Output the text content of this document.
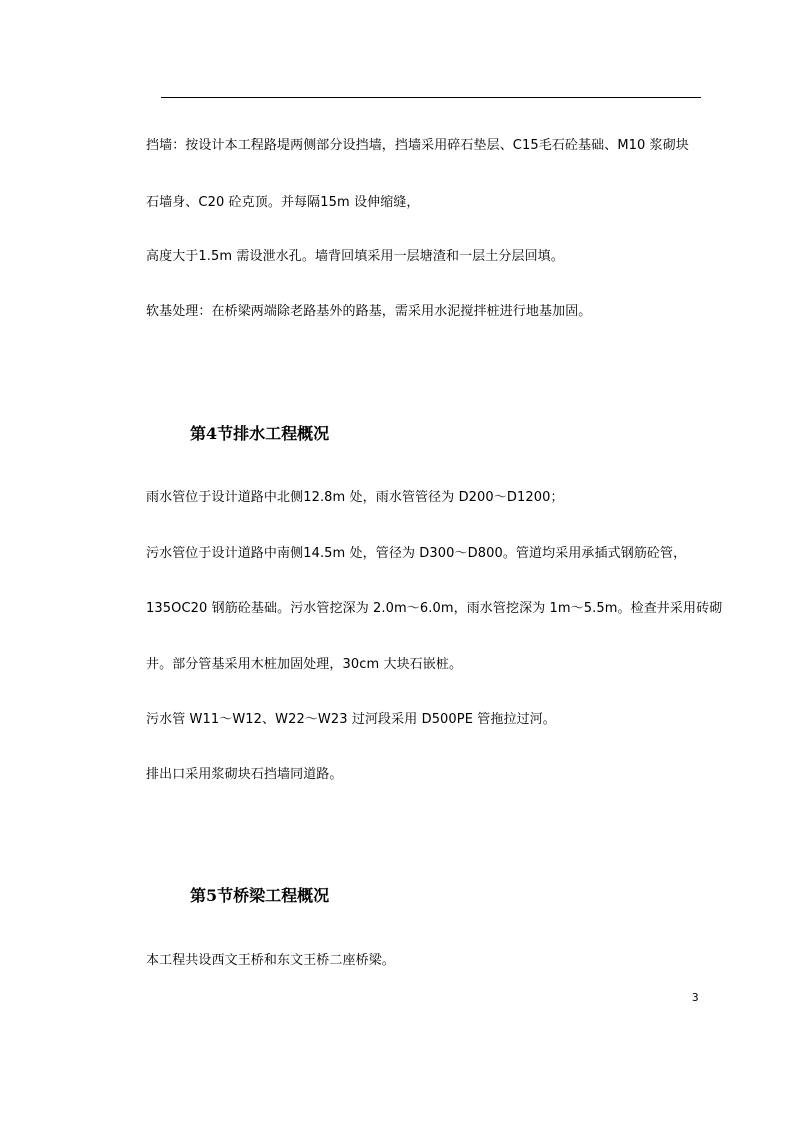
挡墙：按设计本工程路堤两侧部分设挡墙，挡墙采用碎石垫层、C15毛石砼基础、M10 浆砌块
石墙身、C20 砼克顶。并每隔15m 设伸缩缝，
高度大于1.5m 需设泄水孔。墙背回填采用一层塘渣和一层土分层回填。
软基处理：在桥梁两端除老路基外的路基，需采用水泥搅拌桩进行地基加固。
第4节排水工程概况
雨水管位于设计道路中北侧12.8m 处，雨水管管径为 D200～D1200；
污水管位于设计道路中南侧14.5m 处，管径为 D300～D800。管道均采用承插式钢筋砼管，
135OC20 钢筋砼基础。污水管挖深为 2.0m～6.0m，雨水管挖深为 1m～5.5m。检查井采用砖砌
井。部分管基采用木桩加固处理，30cm 大块石嵌桩。
污水管 W11～W12、W22～W23 过河段采用 D500PE 管拖拉过河。
排出口采用浆砌块石挡墙同道路。
第5节桥梁工程概况
本工程共设西文王桥和东文王桥二座桥梁。
3
